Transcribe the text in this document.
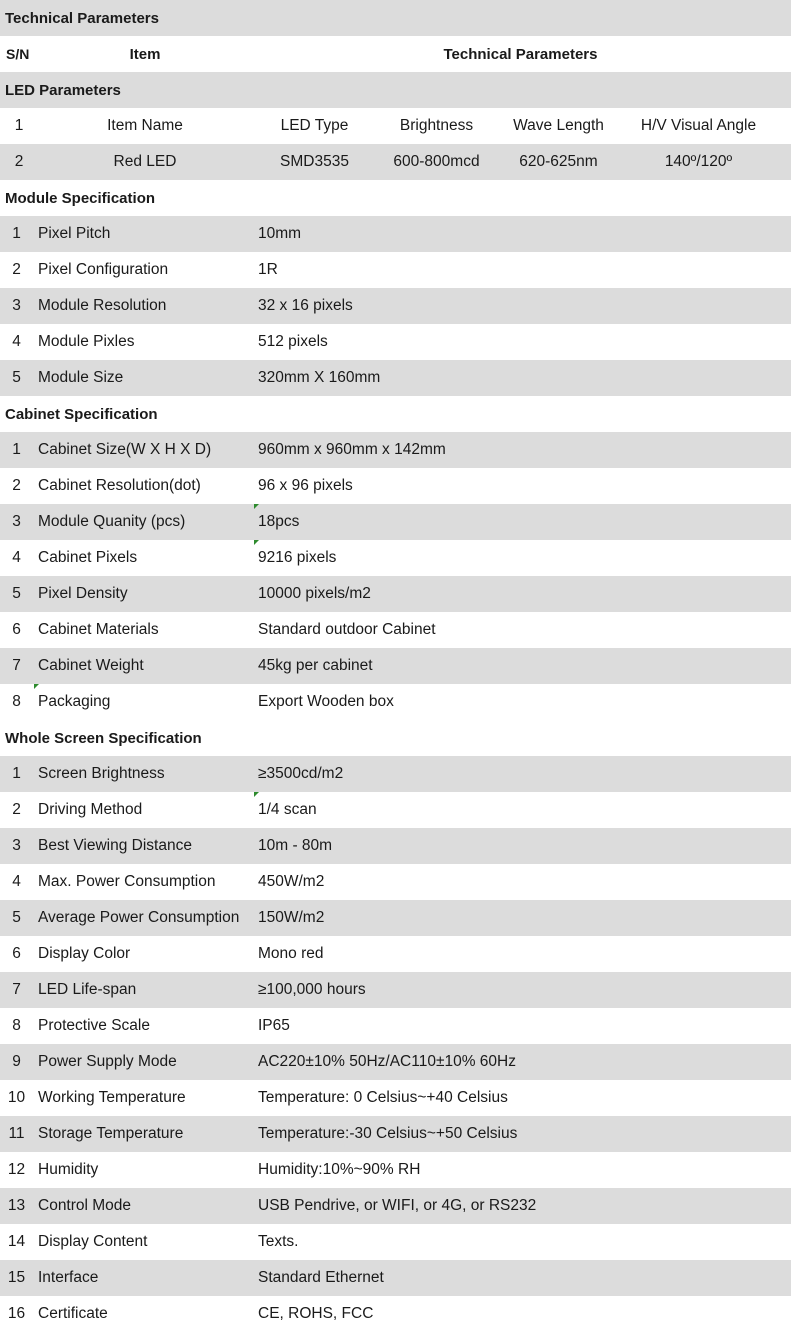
Technical Parameters
S/N	Item	Technical Parameters
LED Parameters
1	Item Name	LED Type	Brightness	Wave Length	H/V Visual Angle
2	Red LED	SMD3535	600-800mcd	620-625nm	140º/120º
Module Specification
1	Pixel Pitch	10mm
2	Pixel Configuration	1R
3	Module Resolution	32 x 16 pixels
4	Module Pixles	512 pixels
5	Module Size	320mm X 160mm
Cabinet Specification
1	Cabinet Size(W X H X D)	960mm x 960mm x 142mm
2	Cabinet Resolution(dot)	96 x 96 pixels
3	Module Quanity (pcs)	18pcs
4	Cabinet Pixels	9216 pixels
5	Pixel Density	10000 pixels/m2
6	Cabinet Materials	Standard outdoor Cabinet
7	Cabinet Weight	45kg per cabinet
8	Packaging	Export Wooden box
Whole Screen Specification
1	Screen Brightness	≥3500cd/m2
2	Driving Method	1/4 scan
3	Best Viewing Distance	10m - 80m
4	Max. Power Consumption	450W/m2
5	Average Power Consumption	150W/m2
6	Display Color	Mono red
7	LED Life-span	≥100,000 hours
8	Protective Scale	IP65
9	Power Supply Mode	AC220±10% 50Hz/AC110±10% 60Hz
10 Working Temperature	Temperature: 0 Celsius~+40 Celsius
11 Storage Temperature	Temperature:-30 Celsius~+50 Celsius
12 Humidity	Humidity:10%~90% RH
13 Control Mode	USB Pendrive, or WIFI, or 4G, or RS232
14 Display Content	Texts.
15 Interface	Standard Ethernet
16 Certificate	CE, ROHS, FCC
